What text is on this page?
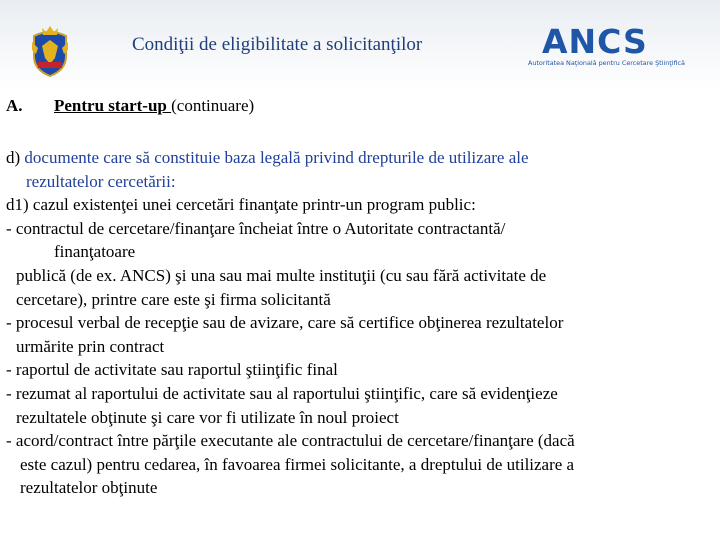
Condiţii de eligibilitate a solicitanţilor	ANCS
Autoritatea Naţională pentru Cercetare Ştiinţifică
A. Pentru start-up (continuare)
d) documente care să constituie baza legală privind drepturile de utilizare ale
rezultatelor cercetării:
d1) cazul existenţei unei cercetări finanţate printr-un program public:
- contractul de cercetare/finanţare încheiat între o Autoritate contractantă/
finanţatoare
publică (de ex. ANCS) şi una sau mai multe instituţii (cu sau fără activitate de
cercetare), printre care este şi firma solicitantă
- procesul verbal de recepţie sau de avizare, care să certifice obţinerea rezultatelor
urmărite prin contract
- raportul de activitate sau raportul ştiinţific final
- rezumat al raportului de activitate sau al raportului ştiinţific, care să evidenţieze
rezultatele obţinute şi care vor fi utilizate în noul proiect
- acord/contract între părţile executante ale contractului de cercetare/finanţare (dacă
este cazul) pentru cedarea, în favoarea firmei solicitante, a dreptului de utilizare a
rezultatelor obţinute
